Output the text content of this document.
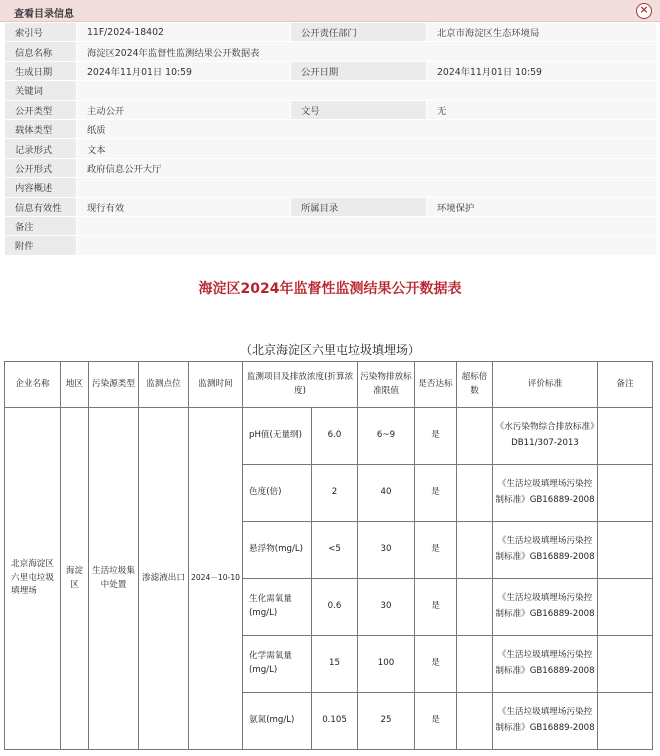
查看目录信息	×
索引号	11F/2024-18402	公开责任部门	北京市海淀区生态环境局
信息名称	海淀区2024年监督性监测结果公开数据表		
生成日期	2024年11月01日 10:59	公开日期	2024年11月01日 10:59
关键词			
公开类型	主动公开	文号	无
载体类型	纸质		
记录形式	文本		
公开形式	政府信息公开大厅		
内容概述			
信息有效性	现行有效	所属目录	环境保护
备注			
附件			
海淀区2024年监督性监测结果公开数据表
（北京海淀区六里屯垃圾填埋场）
企业名称	地区	污染源类型	监测点位	监测时间	监测项目及排放浓度(折算浓度)		污染物排放标准限值	是否达标	超标倍数	评价标准	备注
北京海淀区六里屯垃圾填埋场	海淀区	生活垃圾集中处置	渗滤液出口	2024－10-10	pH值(无量纲)	6.0	6~9	是		《水污染物综合排放标准》DB11/307-2013	
					色度(倍)	2	40	是		《生活垃圾填埋场污染控制标准》GB16889-2008	
					悬浮物(mg/L)	<5	30	是		《生活垃圾填埋场污染控制标准》GB16889-2008	
					生化需氧量(mg/L)	0.6	30	是		《生活垃圾填埋场污染控制标准》GB16889-2008	
					化学需氧量(mg/L)	15	100	是		《生活垃圾填埋场污染控制标准》GB16889-2008	
					氨氮(mg/L)	0.105	25	是		《生活垃圾填埋场污染控制标准》GB16889-2008	
